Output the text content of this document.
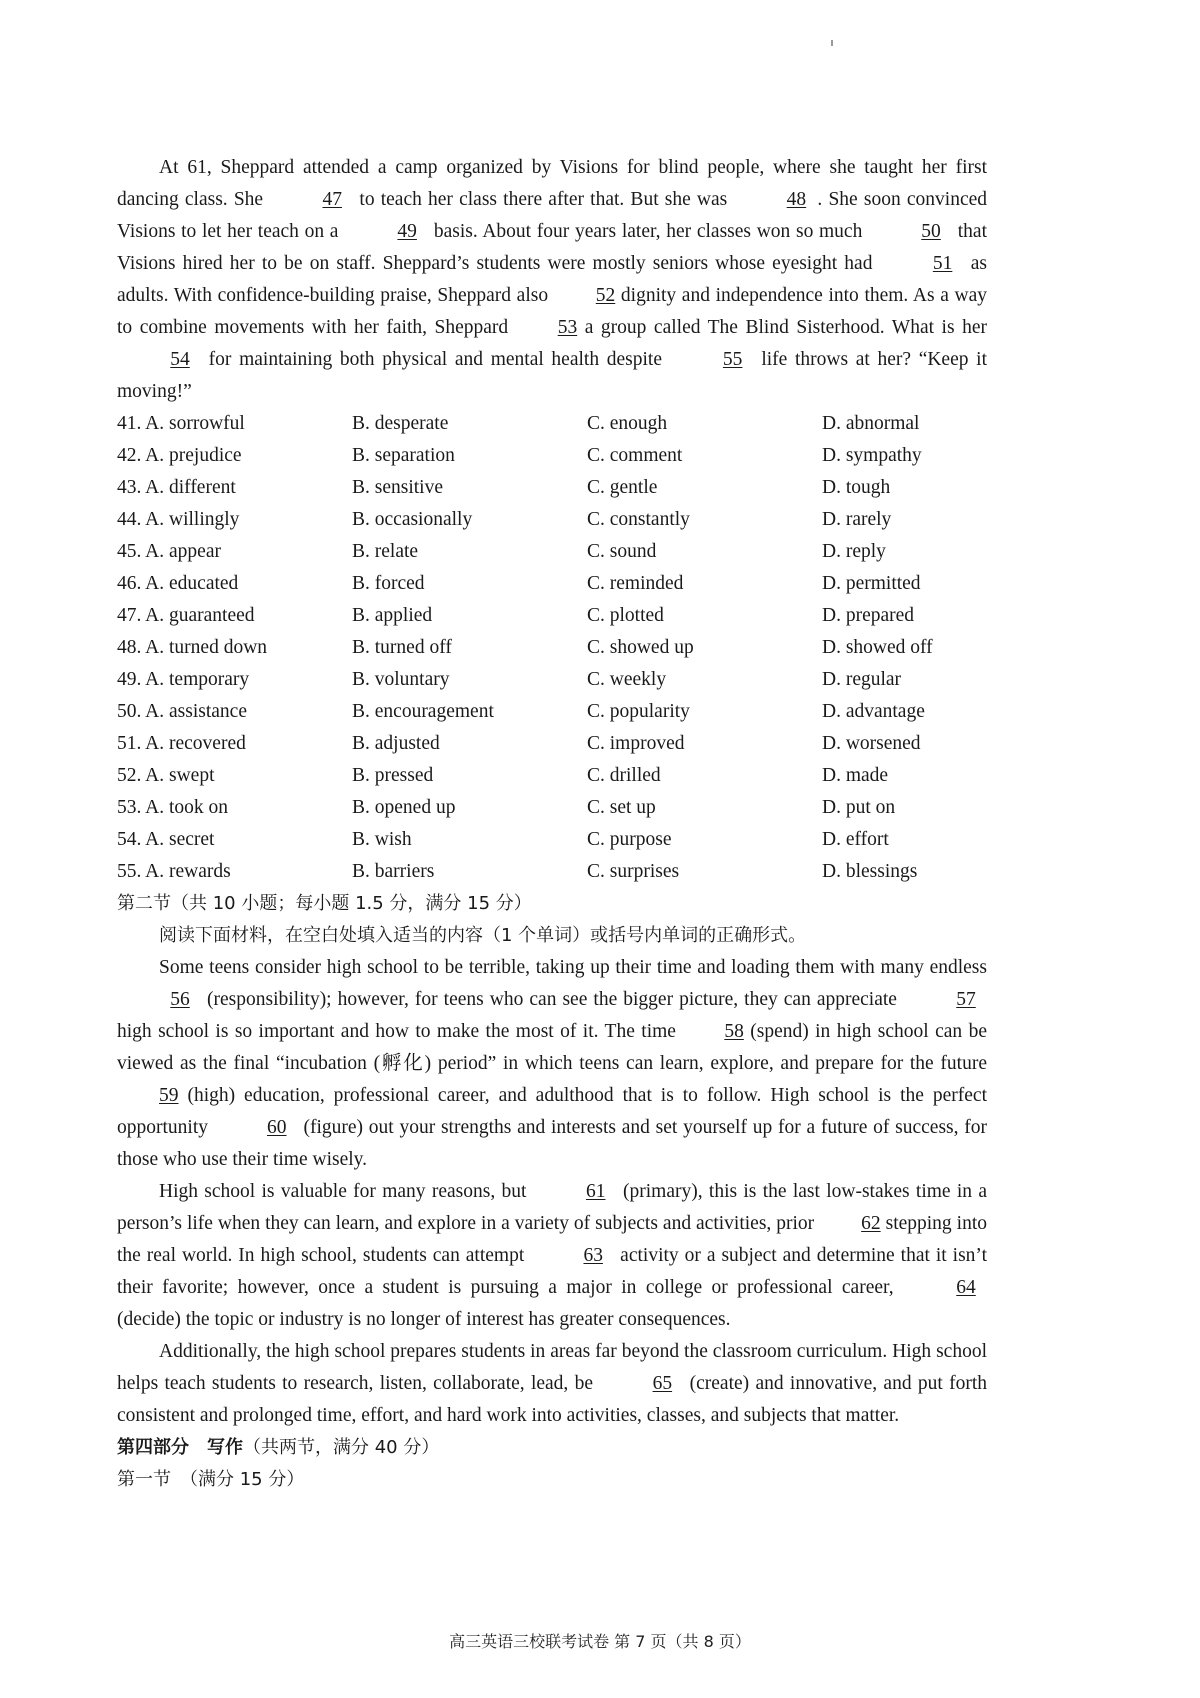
At 61, Sheppard attended a camp organized by Visions for blind people, where she taught her first dancing class. She	47 to teach her class there after that. But she was	48 . She soon convinced Visions to let her teach on a	49 basis. About four years later, her classes won so much	50 that Visions hired her to be on staff. Sheppard’s students were mostly seniors whose eyesight had	51 as adults. With confidence-building praise, Sheppard also 52 dignity and independence into them. As a way to combine movements with her faith, Sheppard 53 a group called The Blind Sisterhood. What is her 54 for maintaining both physical and mental health despite	55 life throws at her? “Keep it moving!”

41. A. sorrowful	B. desperate	C. enough	D. abnormal
42. A. prejudice	B. separation	C. comment	D. sympathy
43. A. different	B. sensitive	C. gentle	D. tough
44. A. willingly	B. occasionally	C. constantly	D. rarely
45. A. appear	B. relate	C. sound	D. reply
46. A. educated	B. forced	C. reminded	D. permitted
47. A. guaranteed	B. applied	C. plotted	D. prepared
48. A. turned down	B. turned off	C. showed up	D. showed off
49. A. temporary	B. voluntary	C. weekly	D. regular
50. A. assistance	B. encouragement	C. popularity	D. advantage
51. A. recovered	B. adjusted	C. improved	D. worsened
52. A. swept	B. pressed	C. drilled	D. made
53. A. took on	B. opened up	C. set up	D. put on
54. A. secret	B. wish	C. purpose	D. effort
55. A. rewards	B. barriers	C. surprises	D. blessings

第二节（共 10 小题；每小题 1.5 分，满分 15 分）

阅读下面材料，在空白处填入适当的内容（1 个单词）或括号内单词的正确形式。

Some teens consider high school to be terrible, taking up their time and loading them with many endless 56 (responsibility); however, for teens who can see the bigger picture, they can appreciate	57 high school is so important and how to make the most of it. The time 58 (spend) in high school can be viewed as the final “incubation (孵化) period” in which teens can learn, explore, and prepare for the future 59 (high) education, professional career, and adulthood that is to follow. High school is the perfect opportunity	60 (figure) out your strengths and interests and set yourself up for a future of success, for those who use their time wisely.

High school is valuable for many reasons, but	61 (primary), this is the last low-stakes time in a person’s life when they can learn, and explore in a variety of subjects and activities, prior 62 stepping into the real world. In high school, students can attempt	63 activity or a subject and determine that it isn’t their favorite; however, once a student is pursuing a major in college or professional career,	64 (decide) the topic or industry is no longer of interest has greater consequences.

Additionally, the high school prepares students in areas far beyond the classroom curriculum. High school helps teach students to research, listen, collaborate, lead, be	65 (create) and innovative, and put forth consistent and prolonged time, effort, and hard work into activities, classes, and subjects that matter.

第四部分　写作（共两节，满分 40 分）

第一节　（满分 15 分）

高三英语三校联考试卷 第 7 页（共 8 页）
